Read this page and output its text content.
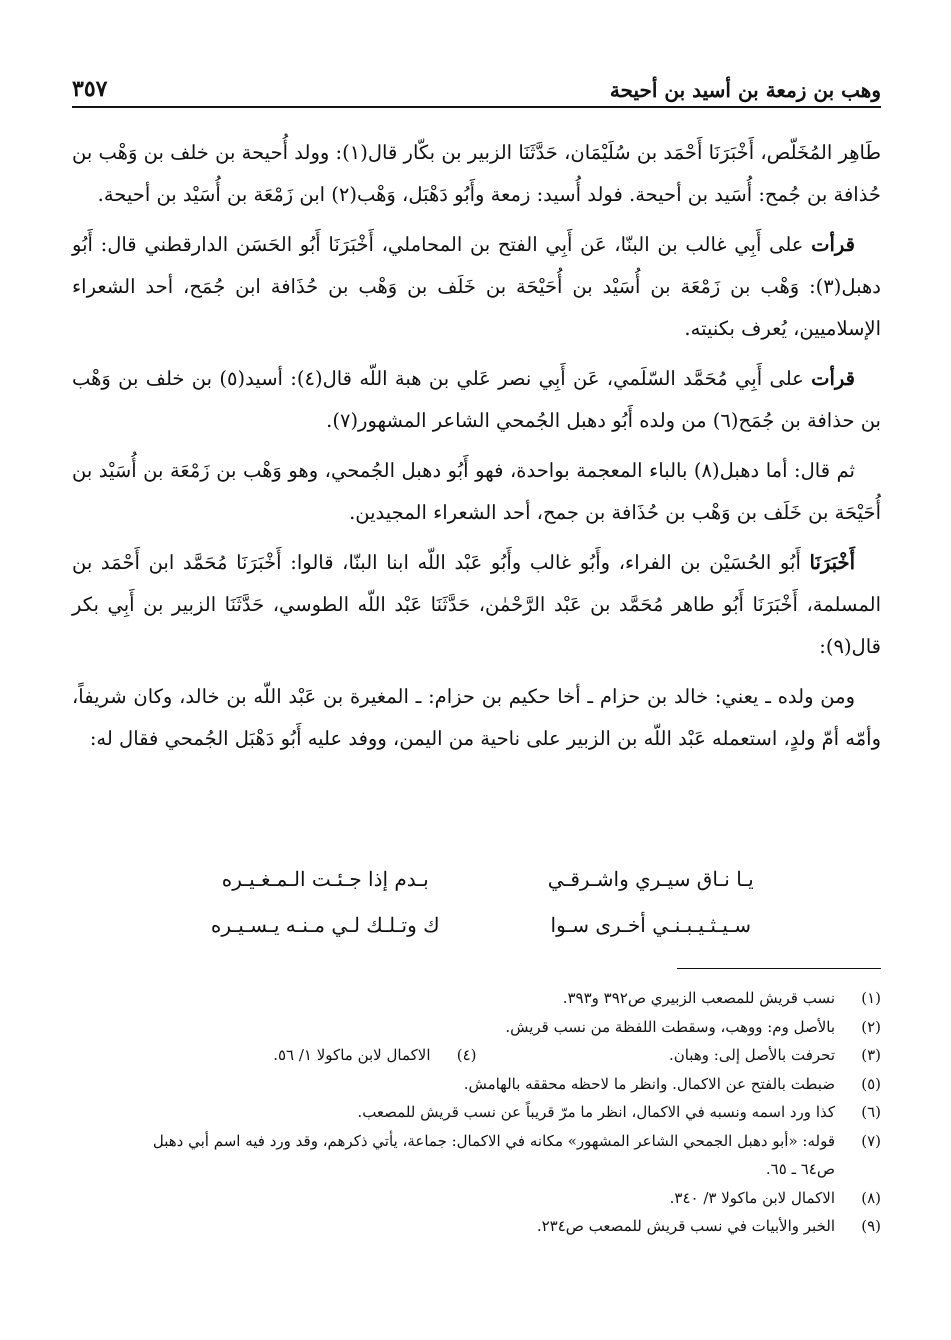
وهب بن زمعة بن أسيد بن أحيحة
٣٥٧

طَاهِر المُخَلّص، أَخْبَرَنَا أَحْمَد بن سُلَيْمَان، حَدَّثَنَا الزبير بن بكّار قال(١): وولد أُحيحة بن خلف بن وَهْب بن حُذافة بن جُمح: أُسَيد بن أحيحة. فولد أُسيد: زمعة وأَبُو دَهْبَل، وَهْب(٢) ابن زَمْعَة بن أُسَيْد بن أحيحة.

قرأت على أَبِي غالب بن البنّا، عَن أَبِي الفتح بن المحاملي، أَخْبَرَنَا أَبُو الحَسَن الدارقطني قال: أَبُو دهبل(٣): وَهْب بن زَمْعَة بن أُسَيْد بن أُحَيْحَة بن خَلَف بن وَهْب بن حُذَافة ابن جُمَح، أحد الشعراء الإسلاميين، يُعرف بكنيته.

قرأت على أَبِي مُحَمَّد السّلَمي، عَن أَبِي نصر عَلي بن هبة اللّه قال(٤): أسيد(٥) بن خلف بن وَهْب بن حذافة بن جُمَح(٦) من ولده أَبُو دهبل الجُمحي الشاعر المشهور(٧).

ثم قال: أما دهبل(٨) بالباء المعجمة بواحدة، فهو أَبُو دهبل الجُمحي، وهو وَهْب بن زَمْعَة بن أُسَيْد بن أُحَيْحَة بن خَلَف بن وَهْب بن حُذَافة بن جمح، أحد الشعراء المجيدين.

أَخْبَرَنَا أَبُو الحُسَيْن بن الفراء، وأَبُو غالب وأَبُو عَبْد اللّه ابنا البنّا، قالوا: أَخْبَرَنَا مُحَمَّد ابن أَحْمَد بن المسلمة، أَخْبَرَنَا أَبُو طاهر مُحَمَّد بن عَبْد الرَّحْمٰن، حَدَّثَنَا عَبْد اللّه الطوسي، حَدَّثَنَا الزبير بن أَبِي بكر قال(٩):

ومن ولده ـ يعني: خالد بن حزام ـ أخا حكيم بن حزام: ـ المغيرة بن عَبْد اللّه بن خالد، وكان شريفاً، وأمّه أمّ ولدٍ، استعمله عَبْد اللّه بن الزبير على ناحية من اليمن، ووفد عليه أَبُو دَهْبَل الجُمحي فقال له:

يـا نـاق سيـري واشـرقـي
بـدم إذا جـئـت الـمـغـيـره
سـيـثـيـبـنـي أخـرى سـوا
ك وتـلـك لـي مـنـه يـسـيـره
(١)
نسب قريش للمصعب الزبيري ص٣٩٢ و٣٩٣.
(٢)
بالأصل وم: ووهب، وسقطت اللفظة من نسب قريش.
(٣)
تحرفت بالأصل إلى: وهبان.
(٤)
الاكمال لابن ماكولا ١/ ٥٦.
(٥)
ضبطت بالفتح عن الاكمال. وانظر ما لاحظه محققه بالهامش.
(٦)
كذا ورد اسمه ونسبه في الاكمال، انظر ما مرّ قريباً عن نسب قريش للمصعب.
(٧)
قوله: «أبو دهبل الجمحي الشاعر المشهور» مكانه في الاكمال: جماعة، يأتي ذكرهم، وقد ورد فيه اسم أبي دهبل
ص٦٤ ـ ٦٥.
(٨)
الاكمال لابن ماكولا ٣/ ٣٤٠.
(٩)
الخبر والأبيات في نسب قريش للمصعب ص٢٣٤.
